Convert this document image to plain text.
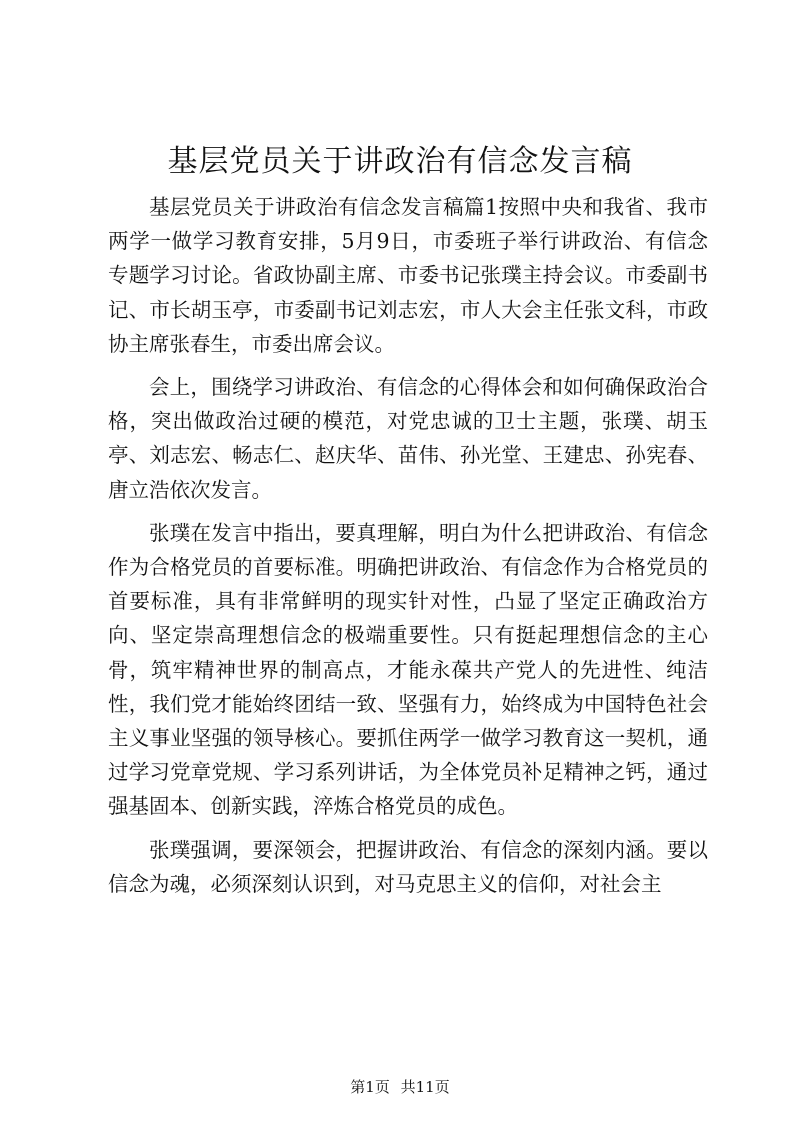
基层党员关于讲政治有信念发言稿

基层党员关于讲政治有信念发言稿篇1按照中央和我省、我市两学一做学习教育安排，5月9日，市委班子举行讲政治、有信念专题学习讨论。省政协副主席、市委书记张璞主持会议。市委副书记、市长胡玉亭，市委副书记刘志宏，市人大会主任张文科，市政协主席张春生，市委出席会议。

会上，围绕学习讲政治、有信念的心得体会和如何确保政治合格，突出做政治过硬的模范，对党忠诚的卫士主题，张璞、胡玉亭、刘志宏、畅志仁、赵庆华、苗伟、孙光堂、王建忠、孙宪春、唐立浩依次发言。

张璞在发言中指出，要真理解，明白为什么把讲政治、有信念作为合格党员的首要标准。明确把讲政治、有信念作为合格党员的首要标准，具有非常鲜明的现实针对性，凸显了坚定正确政治方向、坚定崇高理想信念的极端重要性。只有挺起理想信念的主心骨，筑牢精神世界的制高点，才能永葆共产党人的先进性、纯洁性，我们党才能始终团结一致、坚强有力，始终成为中国特色社会主义事业坚强的领导核心。要抓住两学一做学习教育这一契机，通过学习党章党规、学习系列讲话，为全体党员补足精神之钙，通过强基固本、创新实践，淬炼合格党员的成色。

张璞强调，要深领会，把握讲政治、有信念的深刻内涵。要以信念为魂，必须深刻认识到，对马克思主义的信仰，对社会主

第1页 共11页
